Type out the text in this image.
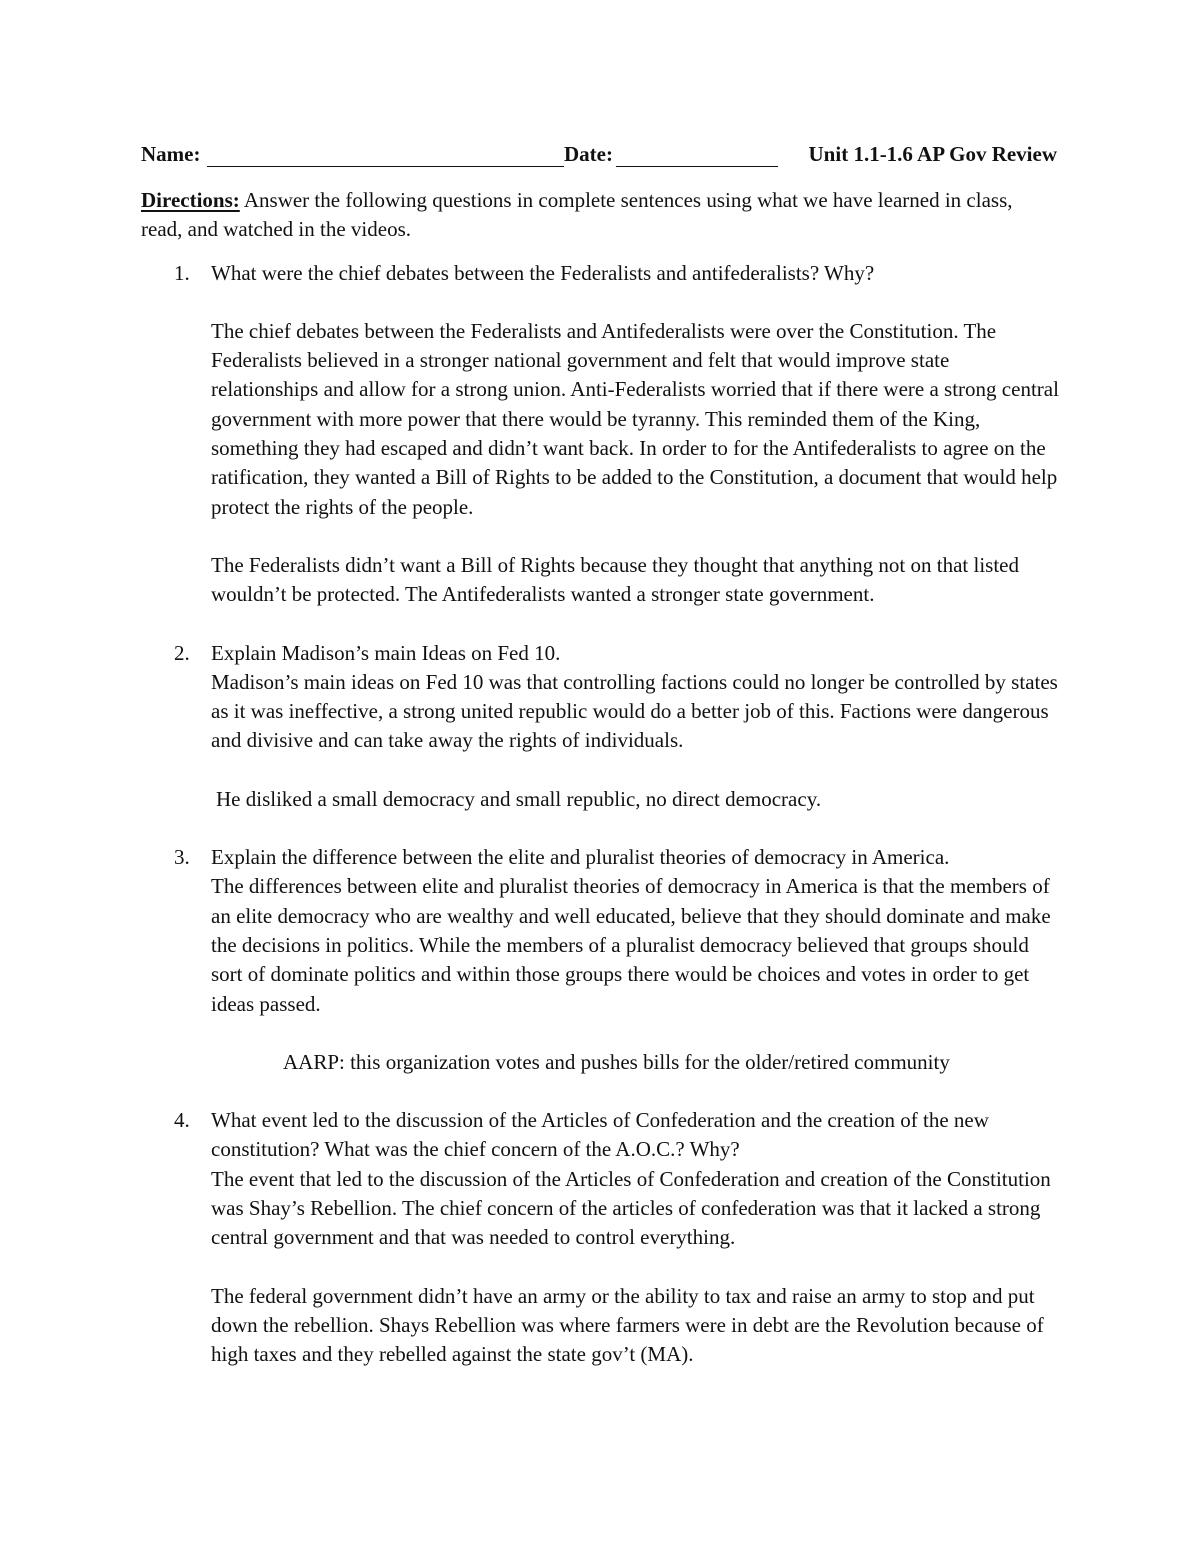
Name:	Date:	Unit 1.1-1.6 AP Gov Review
Directions: Answer the following questions in complete sentences using what we have learned in class, read, and watched in the videos.
1. What were the chief debates between the Federalists and antifederalists? Why?

The chief debates between the Federalists and Antifederalists were over the Constitution. The Federalists believed in a stronger national government and felt that would improve state relationships and allow for a strong union. Anti-Federalists worried that if there were a strong central government with more power that there would be tyranny. This reminded them of the King, something they had escaped and didn’t want back. In order to for the Antifederalists to agree on the ratification, they wanted a Bill of Rights to be added to the Constitution, a document that would help protect the rights of the people.

The Federalists didn’t want a Bill of Rights because they thought that anything not on that listed wouldn’t be protected. The Antifederalists wanted a stronger state government.

2. Explain Madison’s main Ideas on Fed 10.

Madison’s main ideas on Fed 10 was that controlling factions could no longer be controlled by states as it was ineffective, a strong united republic would do a better job of this. Factions were dangerous and divisive and can take away the rights of individuals.

He disliked a small democracy and small republic, no direct democracy.

3. Explain the difference between the elite and pluralist theories of democracy in America.

The differences between elite and pluralist theories of democracy in America is that the members of an elite democracy who are wealthy and well educated, believe that they should dominate and make the decisions in politics. While the members of a pluralist democracy believed that groups should sort of dominate politics and within those groups there would be choices and votes in order to get ideas passed.

AARP: this organization votes and pushes bills for the older/retired community

4. What event led to the discussion of the Articles of Confederation and the creation of the new constitution? What was the chief concern of the A.O.C.? Why?

The event that led to the discussion of the Articles of Confederation and creation of the Constitution was Shay’s Rebellion. The chief concern of the articles of confederation was that it lacked a strong central government and that was needed to control everything.

The federal government didn’t have an army or the ability to tax and raise an army to stop and put down the rebellion. Shays Rebellion was where farmers were in debt are the Revolution because of high taxes and they rebelled against the state gov’t (MA).
